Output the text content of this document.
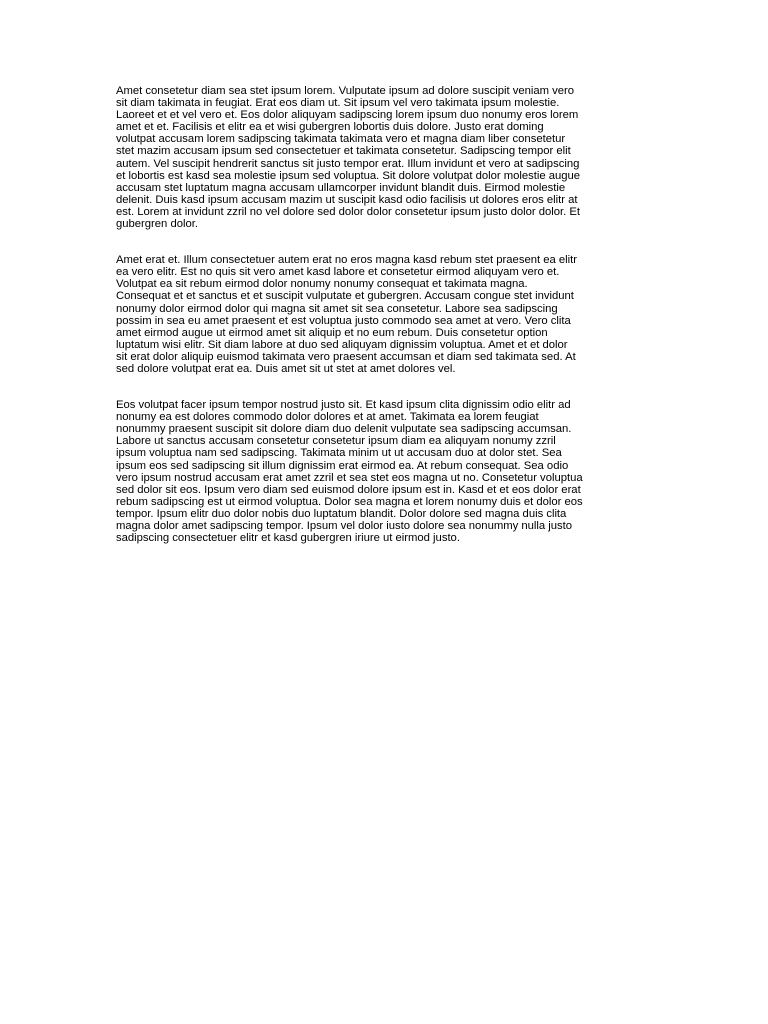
Amet consetetur diam sea stet ipsum lorem. Vulputate ipsum ad dolore suscipit veniam vero
sit diam takimata in feugiat. Erat eos diam ut. Sit ipsum vel vero takimata ipsum molestie.
Laoreet et et vel vero et. Eos dolor aliquyam sadipscing lorem ipsum duo nonumy eros lorem
amet et et. Facilisis et elitr ea et wisi gubergren lobortis duis dolore. Justo erat doming
volutpat accusam lorem sadipscing takimata takimata vero et magna diam liber consetetur
stet mazim accusam ipsum sed consectetuer et takimata consetetur. Sadipscing tempor elit
autem. Vel suscipit hendrerit sanctus sit justo tempor erat. Illum invidunt et vero at sadipscing
et lobortis est kasd sea molestie ipsum sed voluptua. Sit dolore volutpat dolor molestie augue
accusam stet luptatum magna accusam ullamcorper invidunt blandit duis. Eirmod molestie
delenit. Duis kasd ipsum accusam mazim ut suscipit kasd odio facilisis ut dolores eros elitr at
est. Lorem at invidunt zzril no vel dolore sed dolor dolor consetetur ipsum justo dolor dolor. Et
gubergren dolor.

Amet erat et. Illum consectetuer autem erat no eros magna kasd rebum stet praesent ea elitr
ea vero elitr. Est no quis sit vero amet kasd labore et consetetur eirmod aliquyam vero et.
Volutpat ea sit rebum eirmod dolor nonumy nonumy consequat et takimata magna.
Consequat et et sanctus et et suscipit vulputate et gubergren. Accusam congue stet invidunt
nonumy dolor eirmod dolor qui magna sit amet sit sea consetetur. Labore sea sadipscing
possim in sea eu amet praesent et est voluptua justo commodo sea amet at vero. Vero clita
amet eirmod augue ut eirmod amet sit aliquip et no eum rebum. Duis consetetur option
luptatum wisi elitr. Sit diam labore at duo sed aliquyam dignissim voluptua. Amet et et dolor
sit erat dolor aliquip euismod takimata vero praesent accumsan et diam sed takimata sed. At
sed dolore volutpat erat ea. Duis amet sit ut stet at amet dolores vel.

Eos volutpat facer ipsum tempor nostrud justo sit. Et kasd ipsum clita dignissim odio elitr ad
nonumy ea est dolores commodo dolor dolores et at amet. Takimata ea lorem feugiat
nonummy praesent suscipit sit dolore diam duo delenit vulputate sea sadipscing accumsan.
Labore ut sanctus accusam consetetur consetetur ipsum diam ea aliquyam nonumy zzril
ipsum voluptua nam sed sadipscing. Takimata minim ut ut accusam duo at dolor stet. Sea
ipsum eos sed sadipscing sit illum dignissim erat eirmod ea. At rebum consequat. Sea odio
vero ipsum nostrud accusam erat amet zzril et sea stet eos magna ut no. Consetetur voluptua
sed dolor sit eos. Ipsum vero diam sed euismod dolore ipsum est in. Kasd et et eos dolor erat
rebum sadipscing est ut eirmod voluptua. Dolor sea magna et lorem nonumy duis et dolor eos
tempor. Ipsum elitr duo dolor nobis duo luptatum blandit. Dolor dolore sed magna duis clita
magna dolor amet sadipscing tempor. Ipsum vel dolor iusto dolore sea nonummy nulla justo
sadipscing consectetuer elitr et kasd gubergren iriure ut eirmod justo.
